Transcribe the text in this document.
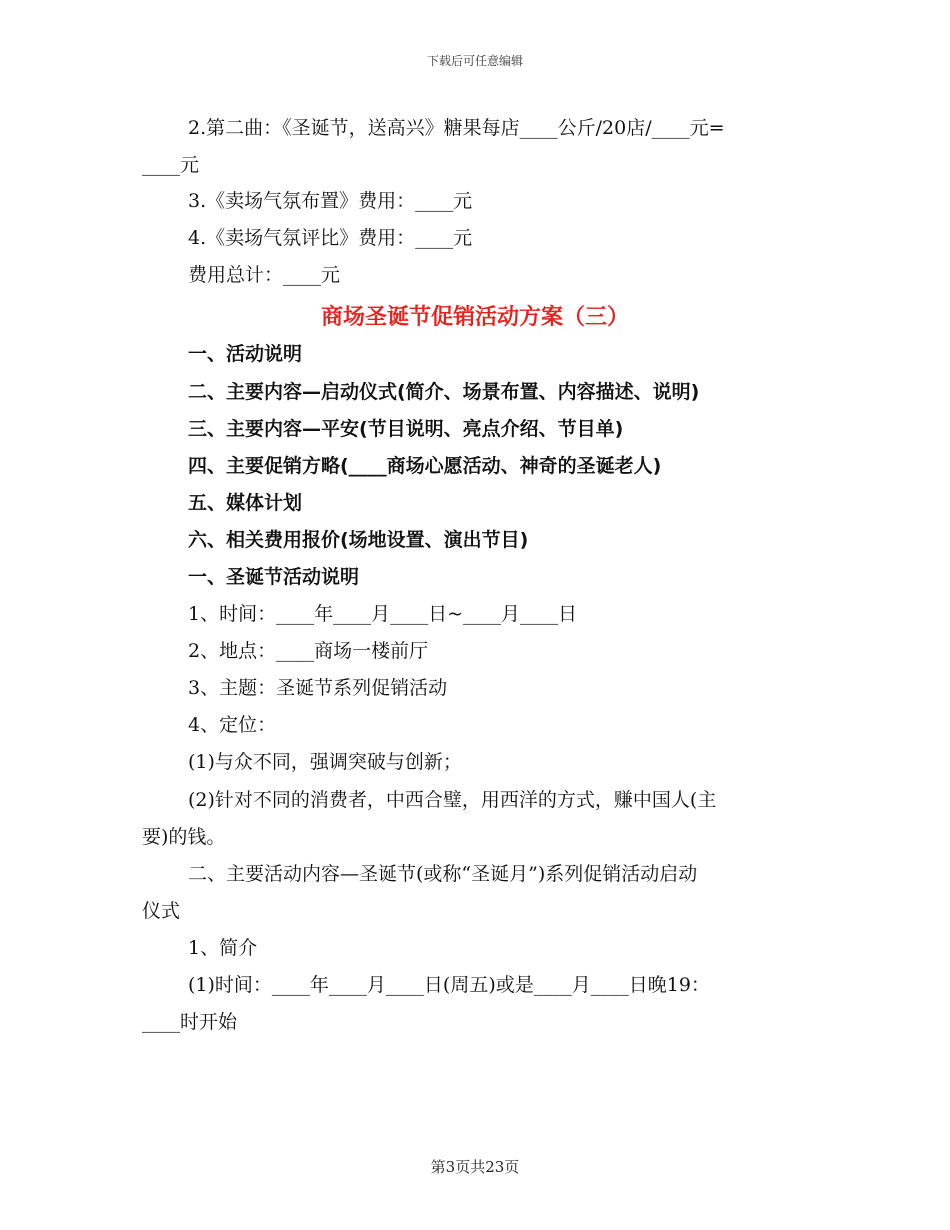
下载后可任意编辑
2.第二曲：《圣诞节，送高兴》糖果每店____公斤/20店/____元=
____元
3.《卖场气氛布置》费用：____元
4.《卖场气氛评比》费用：____元
费用总计：____元
商场圣诞节促销活动方案（三）
一、活动说明
二、主要内容—启动仪式(简介、场景布置、内容描述、说明)
三、主要内容—平安(节目说明、亮点介绍、节目单)
四、主要促销方略(____商场心愿活动、神奇的圣诞老人)
五、媒体计划
六、相关费用报价(场地设置、演出节目)
一、圣诞节活动说明
1、时间：____年____月____日~____月____日
2、地点：____商场一楼前厅
3、主题：圣诞节系列促销活动
4、定位：
(1)与众不同，强调突破与创新；
(2)针对不同的消费者，中西合璧，用西洋的方式，赚中国人(主
要)的钱。
二、主要活动内容—圣诞节(或称“圣诞月”)系列促销活动启动
仪式
1、简介
(1)时间：____年____月____日(周五)或是____月____日晚19：
____时开始
第3页共23页
